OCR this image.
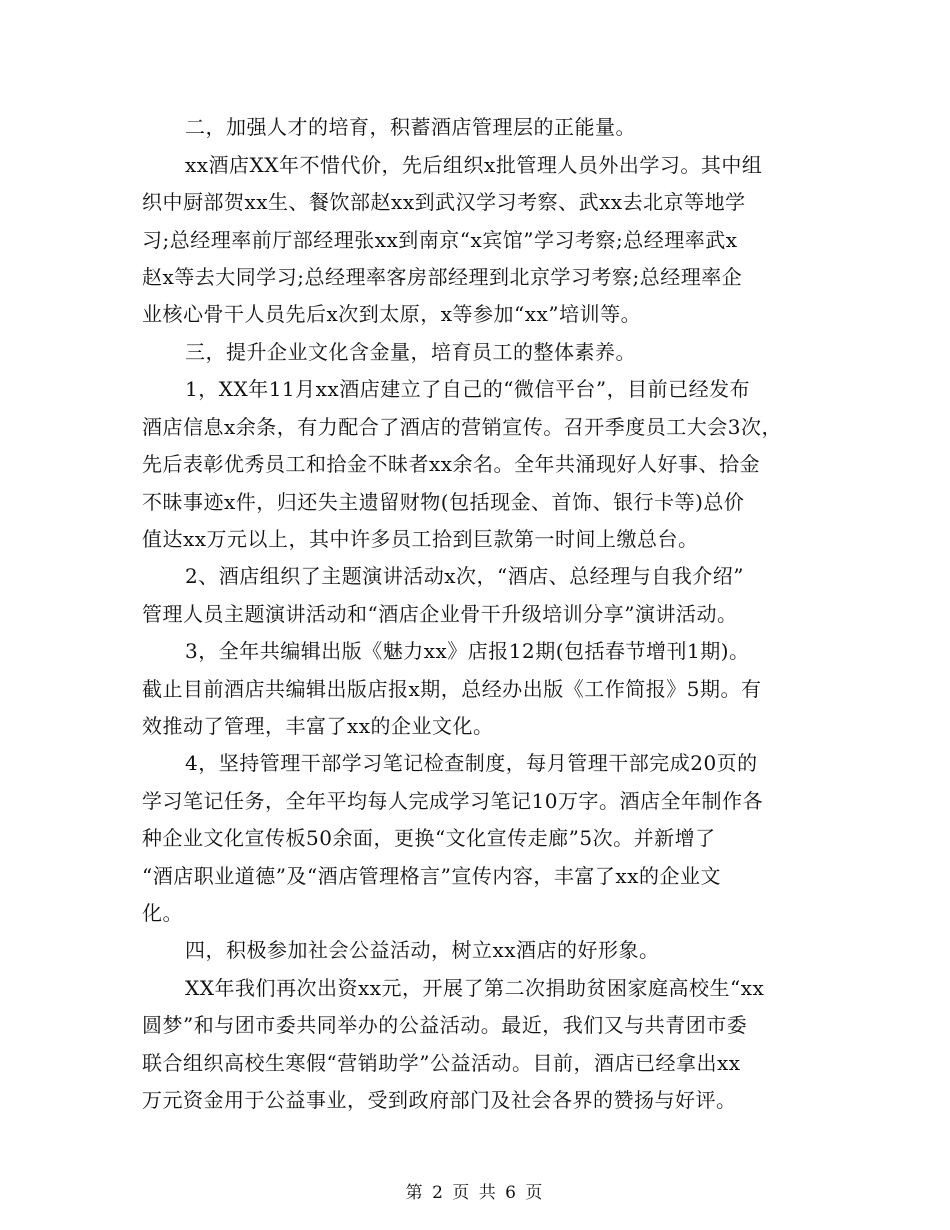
二，加强人才的培育，积蓄酒店管理层的正能量。
xx酒店XX年不惜代价，先后组织x批管理人员外出学习。其中组
织中厨部贺xx生、餐饮部赵xx到武汉学习考察、武xx去北京等地学
习;总经理率前厅部经理张xx到南京“x宾馆”学习考察;总经理率武x
赵x等去大同学习;总经理率客房部经理到北京学习考察;总经理率企
业核心骨干人员先后x次到太原，x等参加“xx”培训等。
三，提升企业文化含金量，培育员工的整体素养。
1，XX年11月xx酒店建立了自己的“微信平台”，目前已经发布
酒店信息x余条，有力配合了酒店的营销宣传。召开季度员工大会3次，
先后表彰优秀员工和拾金不昧者xx余名。全年共涌现好人好事、拾金
不昧事迹x件，归还失主遗留财物(包括现金、首饰、银行卡等)总价
值达xx万元以上，其中许多员工拾到巨款第一时间上缴总台。
2、酒店组织了主题演讲活动x次，“酒店、总经理与自我介绍”
管理人员主题演讲活动和“酒店企业骨干升级培训分享”演讲活动。
3，全年共编辑出版《魅力xx》店报12期(包括春节增刊1期)。
截止目前酒店共编辑出版店报x期，总经办出版《工作简报》5期。有
效推动了管理，丰富了xx的企业文化。
4，坚持管理干部学习笔记检查制度，每月管理干部完成20页的
学习笔记任务，全年平均每人完成学习笔记10万字。酒店全年制作各
种企业文化宣传板50余面，更换“文化宣传走廊”5次。并新增了
“酒店职业道德”及“酒店管理格言”宣传内容，丰富了xx的企业文
化。
四，积极参加社会公益活动，树立xx酒店的好形象。
XX年我们再次出资xx元，开展了第二次捐助贫困家庭高校生“xx
圆梦”和与团市委共同举办的公益活动。最近，我们又与共青团市委
联合组织高校生寒假“营销助学”公益活动。目前，酒店已经拿出xx
万元资金用于公益事业，受到政府部门及社会各界的赞扬与好评。
第 2 页 共 6 页
